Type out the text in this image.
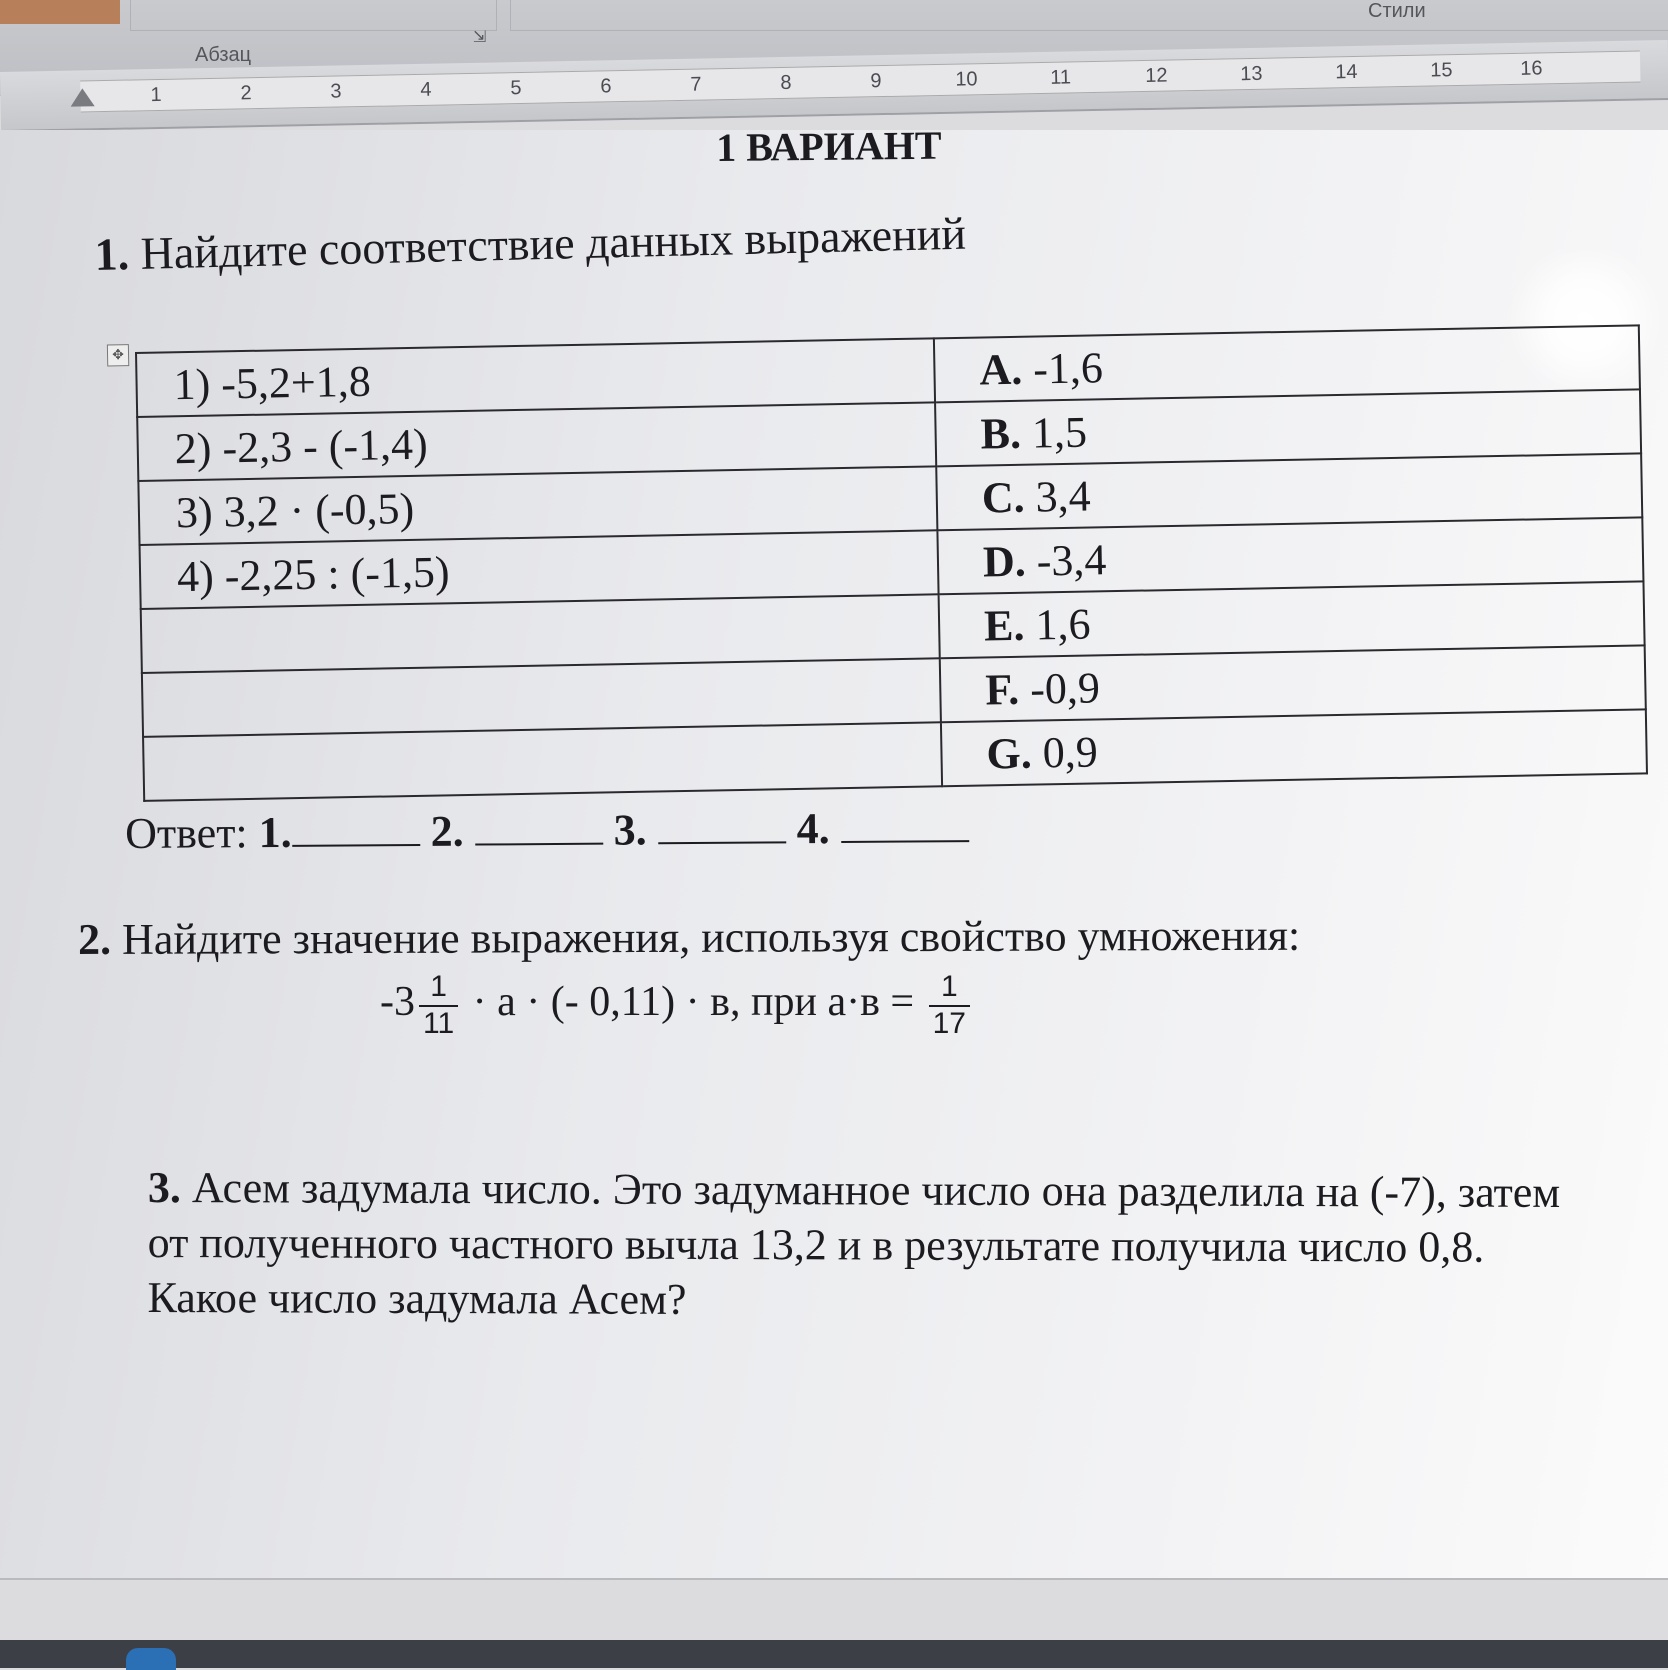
Абзац
⇲
Стили
1	2	3	4	5	6	7	8	9	10	11	12	13	14	15	16
1 ВАРИАНТ
1. Найдите соответствие данных выражений
✥
1) -5,2+1,8	A. -1,6
2) -2,3 - (-1,4)	B. 1,5
3) 3,2 · (-0,5)	C. 3,4
4) -2,25 : (-1,5)	D. -3,4
	E. 1,6
	F. -0,9
	G. 0,9
Ответ: 1.	2.	3.	4.
2. Найдите значение выражения, используя свойство умножения:
$-3 \frac{1}{11} \cdot а$ · (- 0,11) · в, при $а\cdot в = \frac{1}{17}$
3. Асем задумала число. Это задуманное число она разделила на (-7), затем от полученного частного вычла 13,2 и в результате получила число 0,8. Какое число задумала Асем?
